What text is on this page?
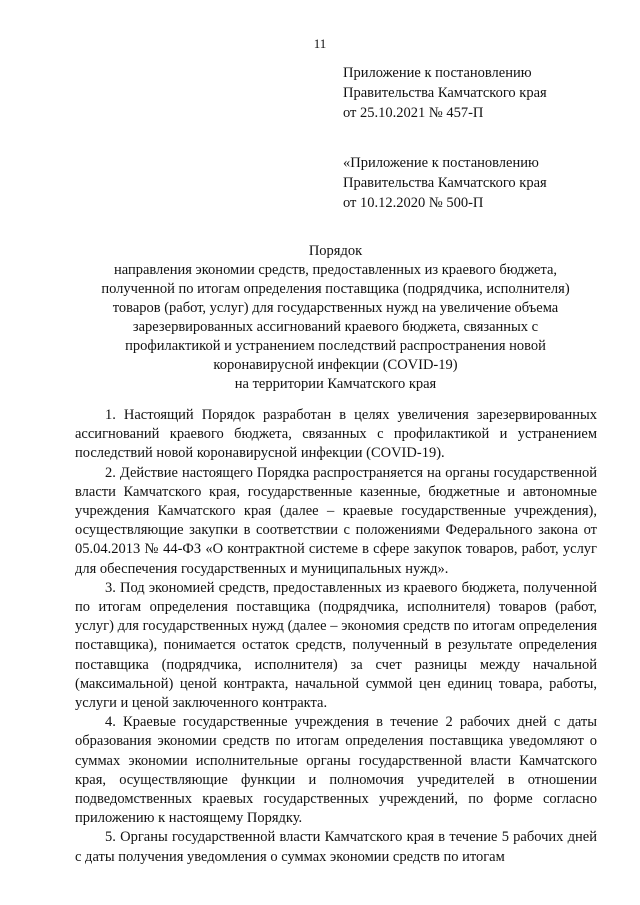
11
Приложение к постановлению
Правительства Камчатского края
от 25.10.2021 № 457-П
«Приложение к постановлению
Правительства Камчатского края
от 10.12.2020 № 500-П
Порядок
направления экономии средств, предоставленных из краевого бюджета,
полученной по итогам определения поставщика (подрядчика, исполнителя)
товаров (работ, услуг) для государственных нужд на увеличение объема
зарезервированных ассигнований краевого бюджета, связанных с
профилактикой и устранением последствий распространения новой
коронавирусной инфекции (COVID-19)
на территории Камчатского края

1. Настоящий Порядок разработан в целях увеличения зарезервированных ассигнований краевого бюджета, связанных с профилактикой и устранением последствий новой коронавирусной инфекции (COVID-19).

2. Действие настоящего Порядка распространяется на органы государственной власти Камчатского края, государственные казенные, бюджетные и автономные учреждения Камчатского края (далее – краевые государственные учреждения), осуществляющие закупки в соответствии с положениями Федерального закона от 05.04.2013 № 44-ФЗ «О контрактной системе в сфере закупок товаров, работ, услуг для обеспечения государственных и муниципальных нужд».

3. Под экономией средств, предоставленных из краевого бюджета, полученной по итогам определения поставщика (подрядчика, исполнителя) товаров (работ, услуг) для государственных нужд (далее – экономия средств по итогам определения поставщика), понимается остаток средств, полученный в результате определения поставщика (подрядчика, исполнителя) за счет разницы между начальной (максимальной) ценой контракта, начальной суммой цен единиц товара, работы, услуги и ценой заключенного контракта.

4. Краевые государственные учреждения в течение 2 рабочих дней с даты образования экономии средств по итогам определения поставщика уведомляют о суммах экономии исполнительные органы государственной власти Камчатского края, осуществляющие функции и полномочия учредителей в отношении подведомственных краевых государственных учреждений, по форме согласно приложению к настоящему Порядку.

5. Органы государственной власти Камчатского края в течение 5 рабочих дней с даты получения уведомления о суммах экономии средств по итогам
